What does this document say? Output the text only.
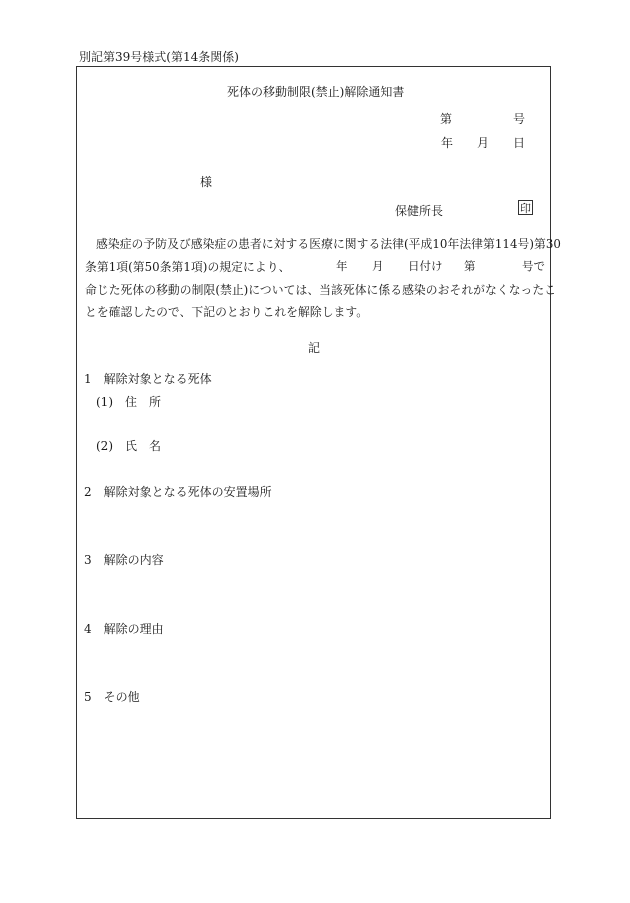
別記第39号様式(第14条関係)
死体の移動制限(禁止)解除通知書
第	号
年 月 日
様
保健所長	印
感染症の予防及び感染症の患者に対する医療に関する法律(平成10年法律第114号)第30
条第1項(第50条第1項)の規定により、	年 月 日付け 第	号で
命じた死体の移動の制限(禁止)については、当該死体に係る感染のおそれがなくなったこ
とを確認したので、下記のとおりこれを解除します。
記
1　解除対象となる死体
(1)　住　所
(2)　氏　名
2　解除対象となる死体の安置場所
3　解除の内容
4　解除の理由
5　その他
